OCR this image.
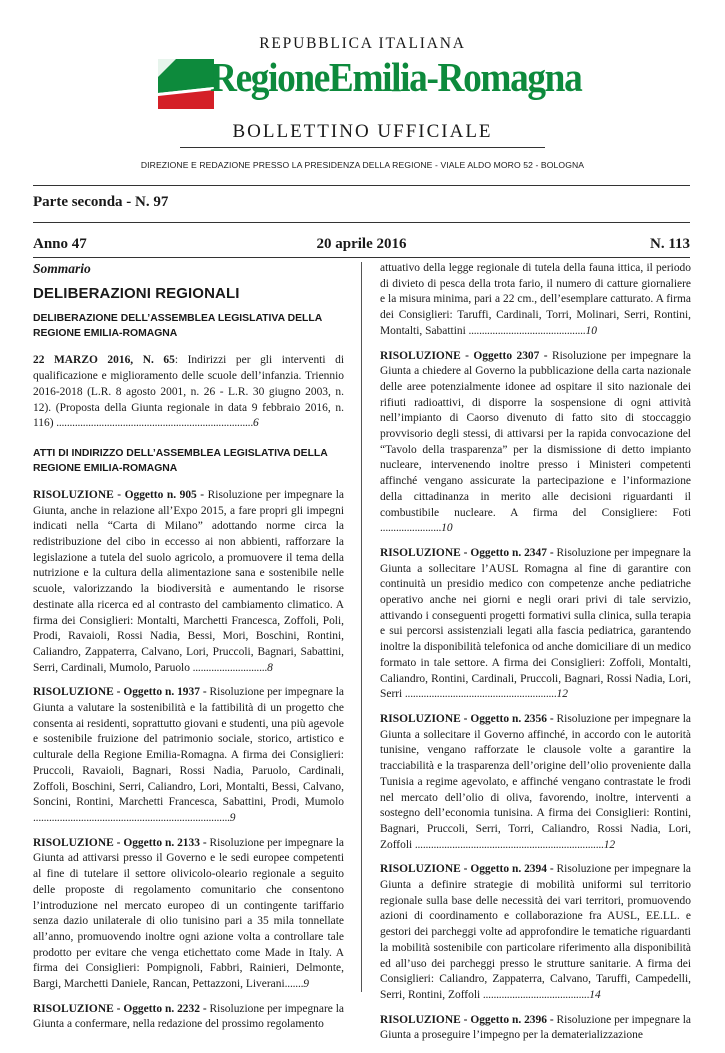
REPUBBLICA ITALIANA
RegioneEmilia-Romagna
BOLLETTINO UFFICIALE
DIREZIONE E REDAZIONE PRESSO LA PRESIDENZA DELLA REGIONE - VIALE ALDO MORO 52 - BOLOGNA
Parte seconda - N. 97
Anno 47	20 aprile 2016	N. 113
Sommario
DELIBERAZIONI REGIONALI
DELIBERAZIONE DELL’ASSEMBLEA LEGISLATIVA DELLA REGIONE EMILIA-ROMAGNA

22 MARZO 2016, N. 65: Indirizzi per gli interventi di qualificazione e miglioramento delle scuole dell’infanzia. Triennio 2016-2018 (L.R. 8 agosto 2001, n. 26 - L.R. 30 giugno 2003, n. 12). (Proposta della Giunta regionale in data 9 febbraio 2016, n. 116) ..........................................................................6

ATTI DI INDIRIZZO DELL’ASSEMBLEA LEGISLATIVA DELLA REGIONE EMILIA-ROMAGNA

RISOLUZIONE - Oggetto n. 905 - Risoluzione per impegnare la Giunta, anche in relazione all’Expo 2015, a fare propri gli impegni indicati nella “Carta di Milano” adottando norme circa la redistribuzione del cibo in eccesso ai non abbienti, rafforzare la legislazione a tutela del suolo agricolo, a promuovere il tema della nutrizione e la cultura della alimentazione sana e sostenibile nelle scuole, valorizzando la biodiversità e aumentando le risorse destinate alla ricerca ed al contrasto del cambiamento climatico. A firma dei Consiglieri: Montalti, Marchetti Francesca, Zoffoli, Poli, Prodi, Ravaioli, Rossi Nadia, Bessi, Mori, Boschini, Rontini, Caliandro, Zappaterra, Calvano, Lori, Pruccoli, Bagnari, Sabattini, Serri, Cardinali, Mumolo, Paruolo ............................8

RISOLUZIONE - Oggetto n. 1937 - Risoluzione per impegnare la Giunta a valutare la sostenibilità e la fattibilità di un progetto che consenta ai residenti, soprattutto giovani e studenti, una più agevole e sostenibile fruizione del patrimonio sociale, storico, artistico e culturale della Regione Emilia-Romagna. A firma dei Consiglieri: Pruccoli, Ravaioli, Bagnari, Rossi Nadia, Paruolo, Cardinali, Zoffoli, Boschini, Serri, Caliandro, Lori, Montalti, Bessi, Calvano, Soncini, Rontini, Marchetti Francesca, Sabattini, Prodi, Mumolo ..........................................................................9

RISOLUZIONE - Oggetto n. 2133 - Risoluzione per impegnare la Giunta ad attivarsi presso il Governo e le sedi europee competenti al fine di tutelare il settore olivicolo-oleario regionale a seguito delle proposte di regolamento comunitario che consentono l’introduzione nel mercato europeo di un contingente tariffario senza dazio unilaterale di olio tunisino pari a 35 mila tonnellate all’anno, promuovendo inoltre ogni azione volta a controllare tale prodotto per evitare che venga etichettato come Made in Italy. A firma dei Consiglieri: Pompignoli, Fabbri, Rainieri, Delmonte, Bargi, Marchetti Daniele, Rancan, Pettazzoni, Liverani.......9

RISOLUZIONE - Oggetto n. 2232 - Risoluzione per impegnare la Giunta a confermare, nella redazione del prossimo regolamento

attuativo della legge regionale di tutela della fauna ittica, il periodo di divieto di pesca della trota fario, il numero di catture giornaliere e la misura minima, pari a 22 cm., dell’esemplare catturato. A firma dei Consiglieri: Taruffi, Cardinali, Torri, Molinari, Serri, Rontini, Montalti, Sabattini ............................................10

RISOLUZIONE - Oggetto 2307 - Risoluzione per impegnare la Giunta a chiedere al Governo la pubblicazione della carta nazionale delle aree potenzialmente idonee ad ospitare il sito nazionale dei rifiuti radioattivi, di disporre la sospensione di ogni attività nell’impianto di Caorso divenuto di fatto sito di stoccaggio provvisorio degli stessi, di attivarsi per la rapida convocazione del “Tavolo della trasparenza” per la dismissione di detto impianto nucleare, intervenendo inoltre presso i Ministeri competenti affinché vengano assicurate la partecipazione e l’informazione della cittadinanza in merito alle decisioni riguardanti il combustibile nucleare. A firma del Consigliere: Foti .......................10

RISOLUZIONE - Oggetto n. 2347 - Risoluzione per impegnare la Giunta a sollecitare l’AUSL Romagna al fine di garantire con continuità un presidio medico con competenze anche pediatriche operativo anche nei giorni e negli orari privi di tale servizio, attivando i conseguenti progetti formativi sulla clinica, sulla terapia e sui percorsi assistenziali legati alla fascia pediatrica, garantendo inoltre la disponibilità telefonica od anche domiciliare di un medico formato in tale settore. A firma dei Consiglieri: Zoffoli, Montalti, Caliandro, Rontini, Cardinali, Pruccoli, Bagnari, Rossi Nadia, Lori, Serri .........................................................12

RISOLUZIONE - Oggetto n. 2356 - Risoluzione per impegnare la Giunta a sollecitare il Governo affinché, in accordo con le autorità tunisine, vengano rafforzate le clausole volte a garantire la tracciabilità e la trasparenza dell’origine dell’olio proveniente dalla Tunisia a regime agevolato, e affinché vengano contrastate le frodi nel mercato dell’olio di oliva, favorendo, inoltre, interventi a sostegno dell’economia tunisina. A firma dei Consiglieri: Rontini, Bagnari, Pruccoli, Serri, Torri, Caliandro, Rossi Nadia, Lori, Zoffoli .......................................................................12

RISOLUZIONE - Oggetto n. 2394 - Risoluzione per impegnare la Giunta a definire strategie di mobilità uniformi sul territorio regionale sulla base delle necessità dei vari territori, promuovendo azioni di coordinamento e collaborazione fra AUSL, EE.LL. e gestori dei parcheggi volte ad approfondire le tematiche riguardanti la mobilità sostenibile con particolare riferimento alla disponibilità ed all’uso dei parcheggi presso le strutture sanitarie. A firma dei Consiglieri: Caliandro, Zappaterra, Calvano, Taruffi, Campedelli, Serri, Rontini, Zoffoli ........................................14

RISOLUZIONE - Oggetto n. 2396 - Risoluzione per impegnare la Giunta a proseguire l’impegno per la dematerializzazione
